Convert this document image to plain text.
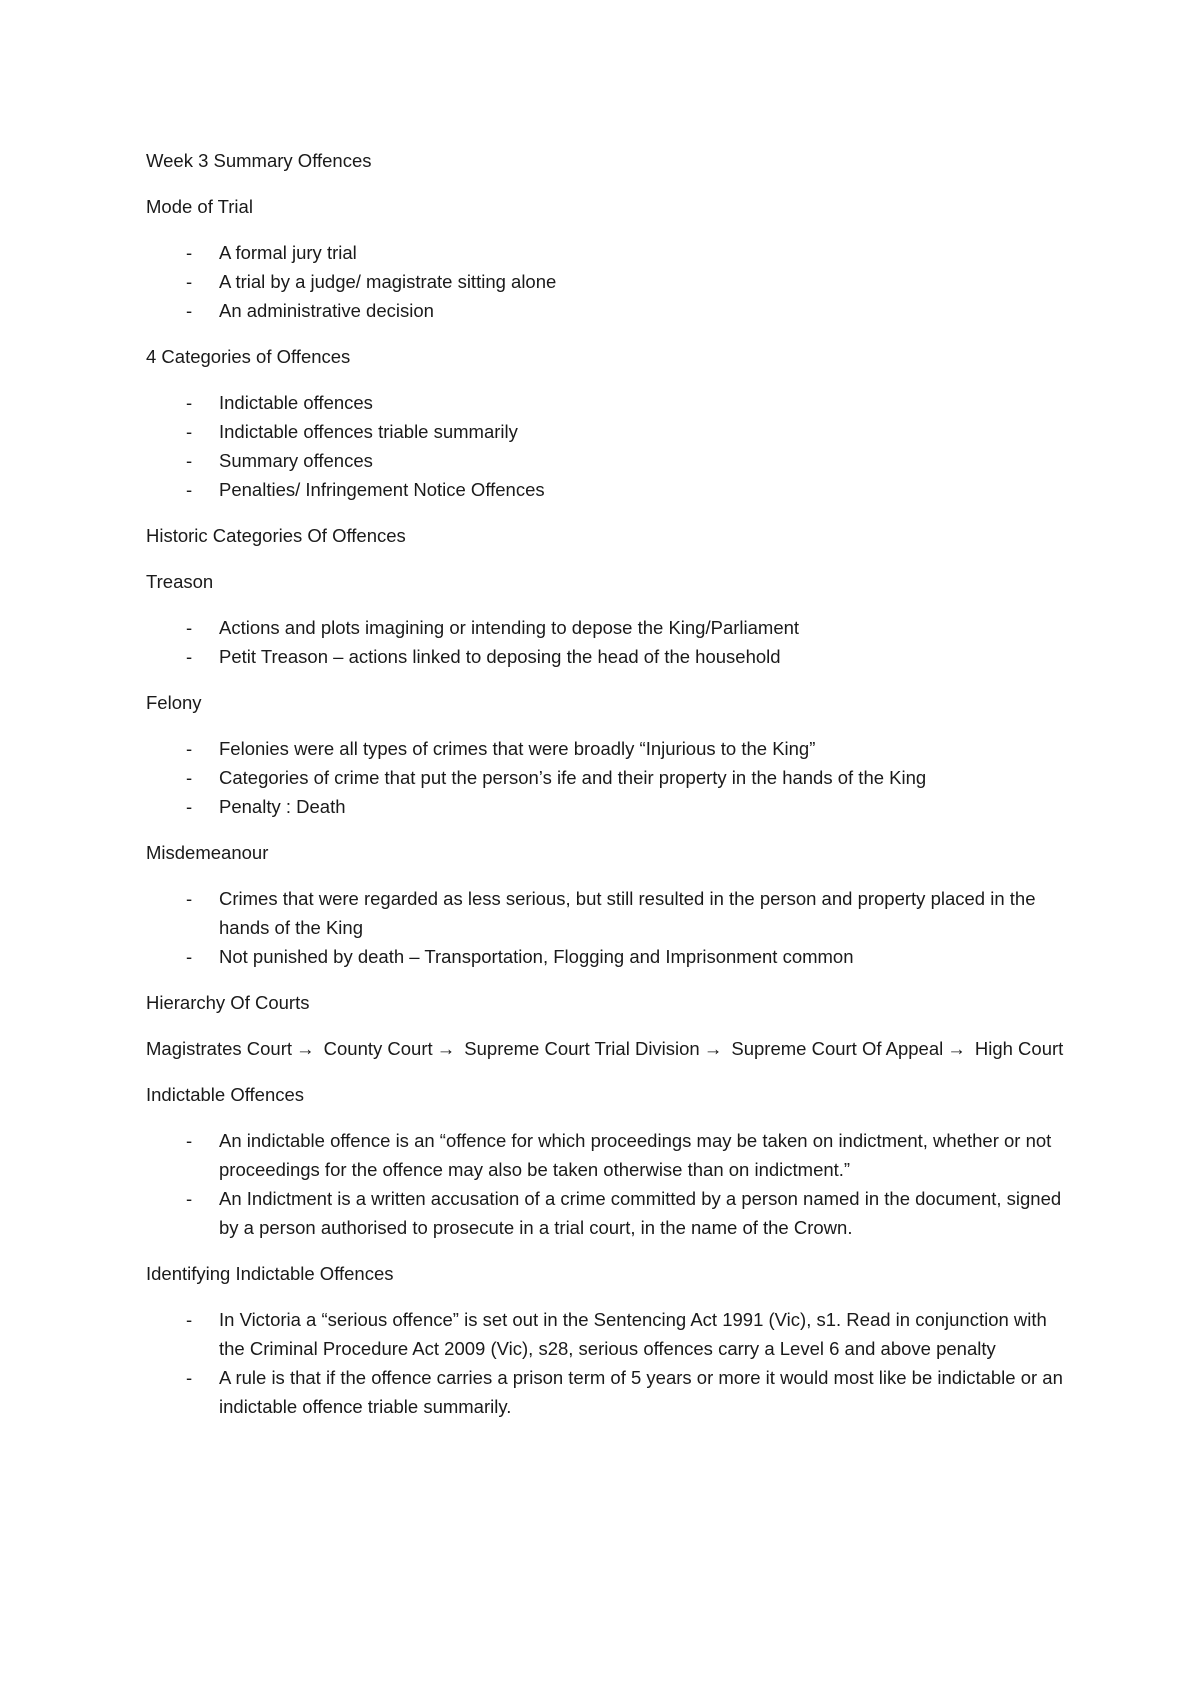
Week 3 Summary Offences

Mode of Trial

- A formal jury trial
- A trial by a judge/ magistrate sitting alone
- An administrative decision

4 Categories of Offences

- Indictable offences
- Indictable offences triable summarily
- Summary offences
- Penalties/ Infringement Notice Offences

Historic Categories Of Offences

Treason

- Actions and plots imagining or intending to depose the King/Parliament
- Petit Treason – actions linked to deposing the head of the household

Felony

- Felonies were all types of crimes that were broadly “Injurious to the King”
- Categories of crime that put the person’s ife and their property in the hands of the King
- Penalty : Death

Misdemeanour

- Crimes that were regarded as less serious, but still resulted in the person and property placed in the hands of the King
- Not punished by death – Transportation, Flogging and Imprisonment common

Hierarchy Of Courts

Magistrates Court → County Court → Supreme Court Trial Division → Supreme Court Of Appeal → High Court

Indictable Offences

- An indictable offence is an “offence for which proceedings may be taken on indictment, whether or not proceedings for the offence may also be taken otherwise than on indictment.”
- An Indictment is a written accusation of a crime committed by a person named in the document, signed by a person authorised to prosecute in a trial court, in the name of the Crown.

Identifying Indictable Offences

- In Victoria a “serious offence” is set out in the Sentencing Act 1991 (Vic), s1. Read in conjunction with the Criminal Procedure Act 2009 (Vic), s28, serious offences carry a Level 6 and above penalty
- A rule is that if the offence carries a prison term of 5 years or more it would most like be indictable or an indictable offence triable summarily.
